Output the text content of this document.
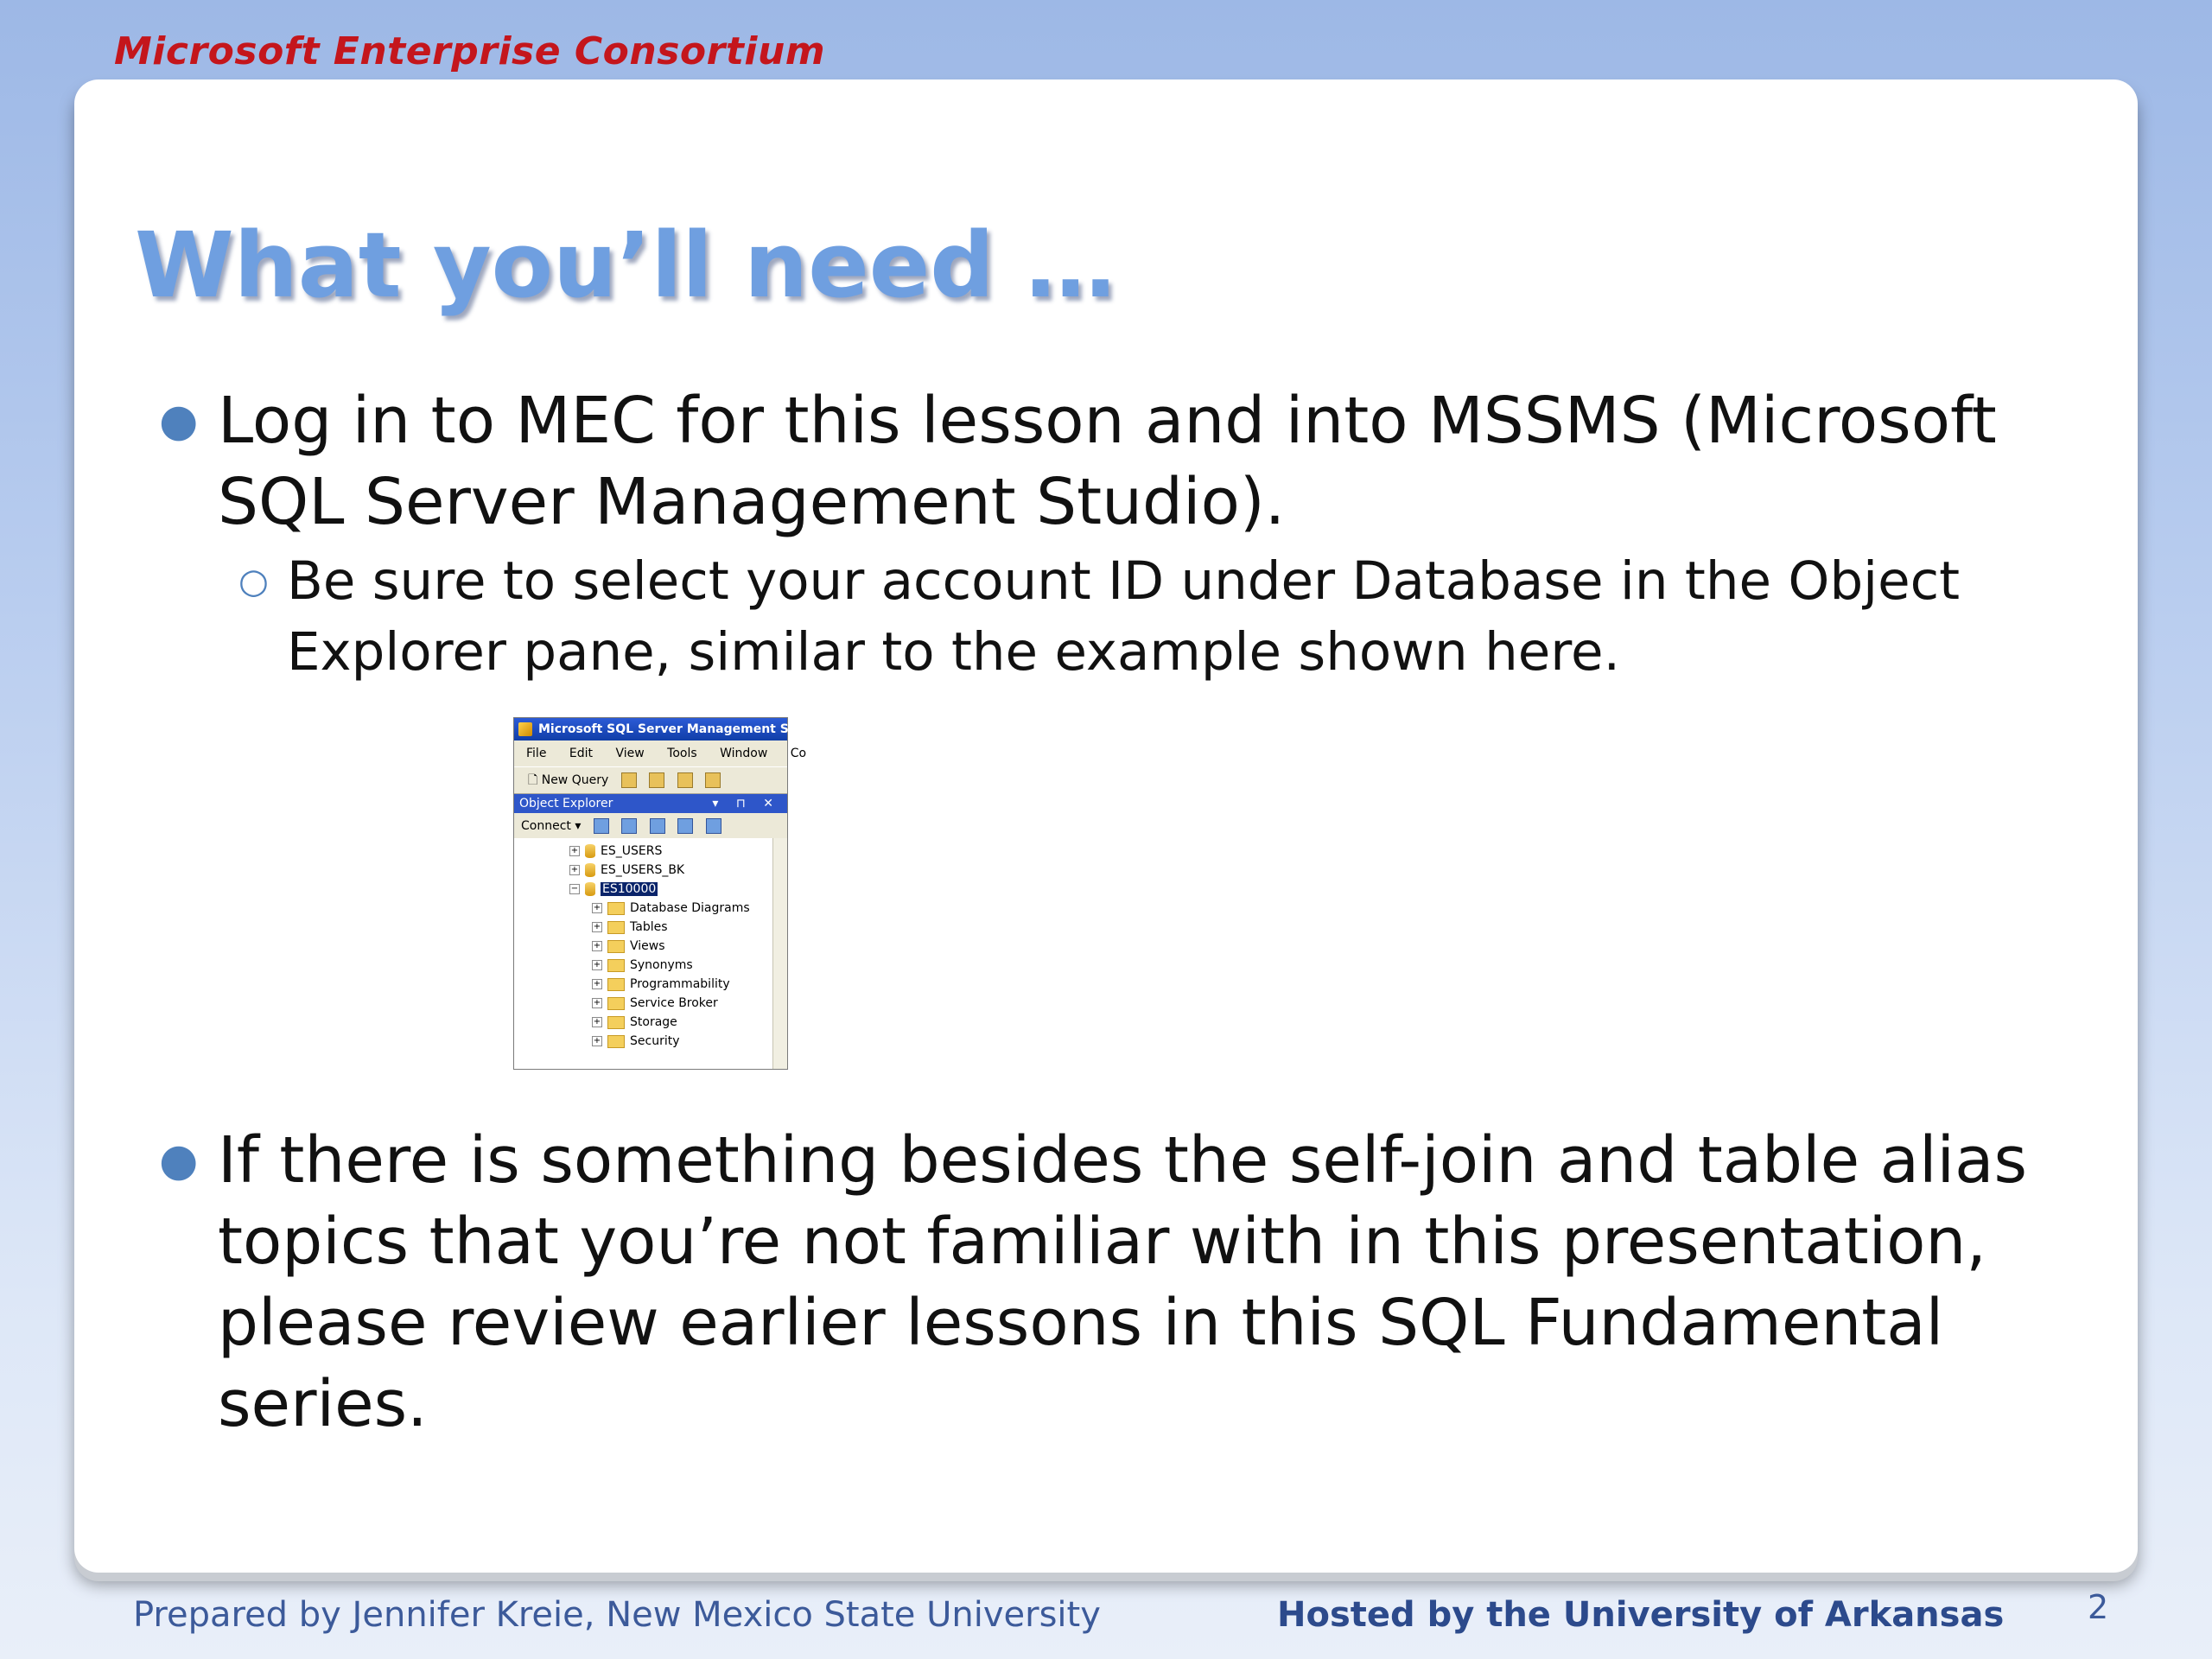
Microsoft Enterprise Consortium
What you’ll need …
● Log in to MEC for this lesson and into MSSMS (Microsoft SQL Server Management Studio).
○ Be sure to select your account ID under Database in the Object Explorer pane, similar to the example shown here.
Microsoft SQL Server Management S
File Edit View Tools Window Co
🗋 New Query
Object Explorer	▾ ⊓ ✕
Connect ▾
+ ES_USERS
+ ES_USERS_BK
− ES10000
+ Database Diagrams
+ Tables
+ Views
+ Synonyms
+ Programmability
+ Service Broker
+ Storage
+ Security
● If there is something besides the self-join and table alias topics that you’re not familiar with in this presentation, please review earlier lessons in this SQL Fundamental series.
Prepared by Jennifer Kreie, New Mexico State University	Hosted by the University of Arkansas	2
